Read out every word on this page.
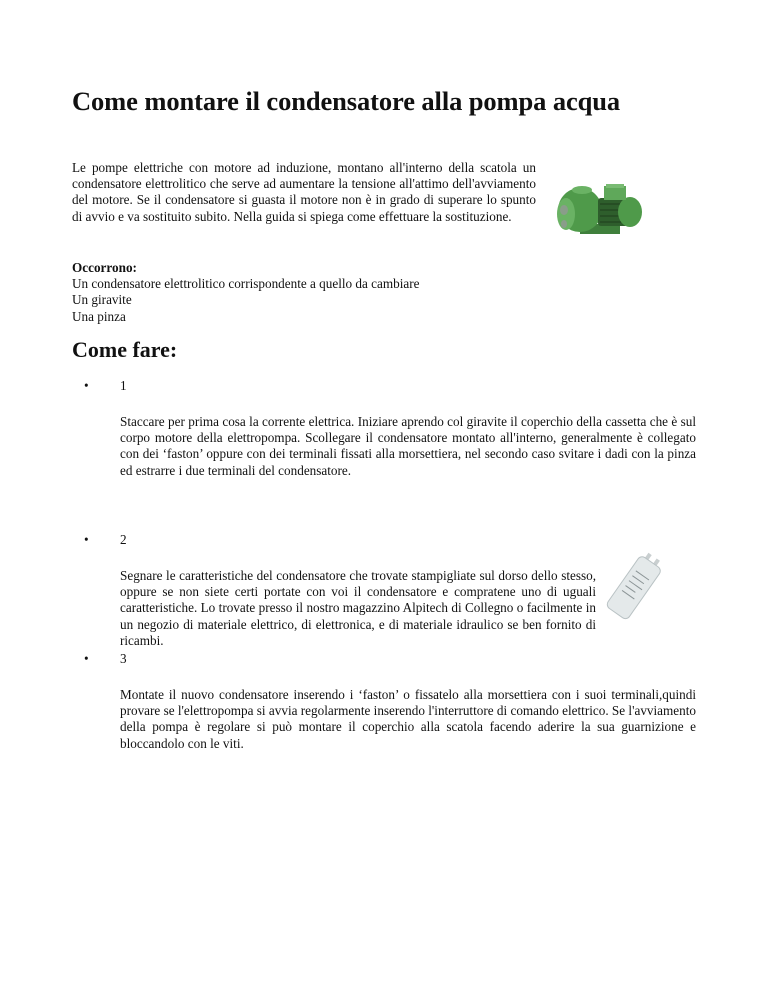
Come montare il condensatore alla pompa acqua

Le pompe elettriche con motore ad induzione, montano all'interno della scatola un condensatore elettrolitico che serve ad aumentare la tensione all'attimo dell'avviamento del motore. Se il condensatore si guasta il motore non è in grado di superare lo spunto di avvio e va sostituito subito. Nella guida si spiega come effettuare la sostituzione.

Occorrono:
Un condensatore elettrolitico corrispondente a quello da cambiare
Un giravite
Una pinza
Come fare:
• 1

Staccare per prima cosa la corrente elettrica. Iniziare aprendo col giravite il coperchio della cassetta che è sul corpo motore della elettropompa. Scollegare il condensatore montato all'interno, generalmente è collegato con dei ‘faston’ oppure con dei terminali fissati alla morsettiera, nel secondo caso svitare i dadi con la pinza ed estrarre i due terminali del condensatore.

• 2

Segnare le caratteristiche del condensatore che trovate stampigliate sul dorso dello stesso, oppure se non siete certi portate con voi il condensatore e compratene uno di uguali caratteristiche. Lo trovate presso il nostro magazzino Alpitech di Collegno o facilmente in un negozio di materiale elettrico, di elettronica, e di materiale idraulico se ben fornito di ricambi.

• 3

Montate il nuovo condensatore inserendo i ‘faston’ o fissatelo alla morsettiera con i suoi terminali,quindi provare se l'elettropompa si avvia regolarmente inserendo l'interruttore di comando elettrico. Se l'avviamento della pompa è regolare si può montare il coperchio alla scatola facendo aderire la sua guarnizione e bloccandolo con le viti.
